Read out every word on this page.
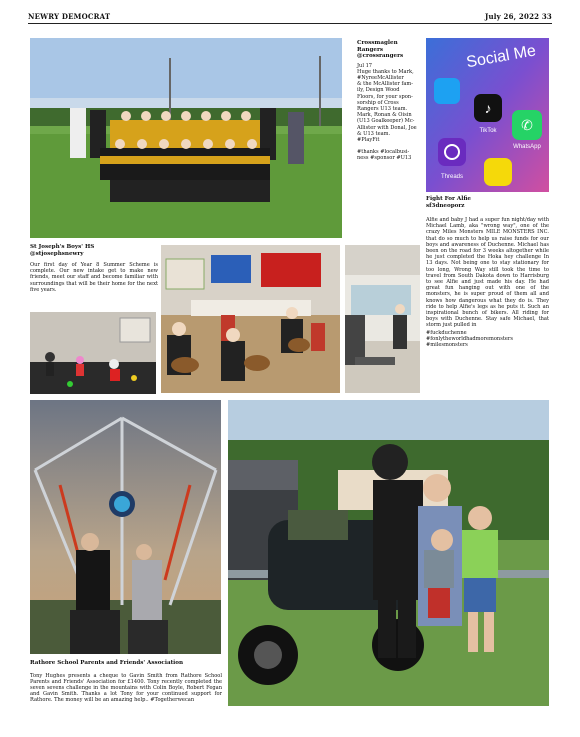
NEWRY DEMOCRAT	July 26, 2022 33
Crossmaglen Rangers
@crossrangers
Jul 17
Huge thanks to Mark,
#NyreeMcAllister
& the McAllister fam-
ily, Design Wood
Floors, for your spon-
sorship of Cross
Rangers U13 team.
Mark, Ronan & Oisin
(U13 Goalkeeper) Mc-
Allister with Donal, Joe
& U13 team.
#PlayFit
#thanks #localbusi-
ness #sponsor #U13
Social Me
♪
TikTok ✆
WhatsApp
Threads
Fight For Alfie
sf3dneoporz

Alfie and baby J had a super fun night/day with Michael Lamb, aka "wrong way", one of the crazy Miles Monsters MILE MONSTERS INC. that do so much to help us raise funds for our boys and awareness of Duchenne. Michael has been on the road for 3 weeks altogether while he just completed the Hoka hey challenge In 13 days. Not being one to stay stationary for too long, Wrong Way still took the time to travel from South Dakota down to Harrisburg to see Alfie and just made his day. He had great fun hanging out with one of the monsters, he is super proud of them all and knows how dangerous what they do is. They ride to help Alfie's legs as he puts it. Such an inspirational bunch of bikers. All riding for boys with Duchenne. Stay safe Michael, that storm just pulled in

#fuckduchenne #fonlytheworldhadmoremonsters #milesmonsters

St Joseph's Boys' HS
@stjosephsnewry

Our first day of Year 8 Summer Scheme is complete. Our new intake get to make new friends, meet our staff and become familiar with surroundings that will be their home for the next five years.

Rathore School Parents and Friends' Association

Tony Hughes presents a cheque to Gavin Smith from Rathore School Parents and Friends' Association for £1400. Tony recently completed the seven sevens challenge in the mountains with Colin Boyle, Robert Fegan and Gavin Smith. Thanks a lot Tony for your continued support for Rathore. The money will be an amazing help.. #Togetherwecan
